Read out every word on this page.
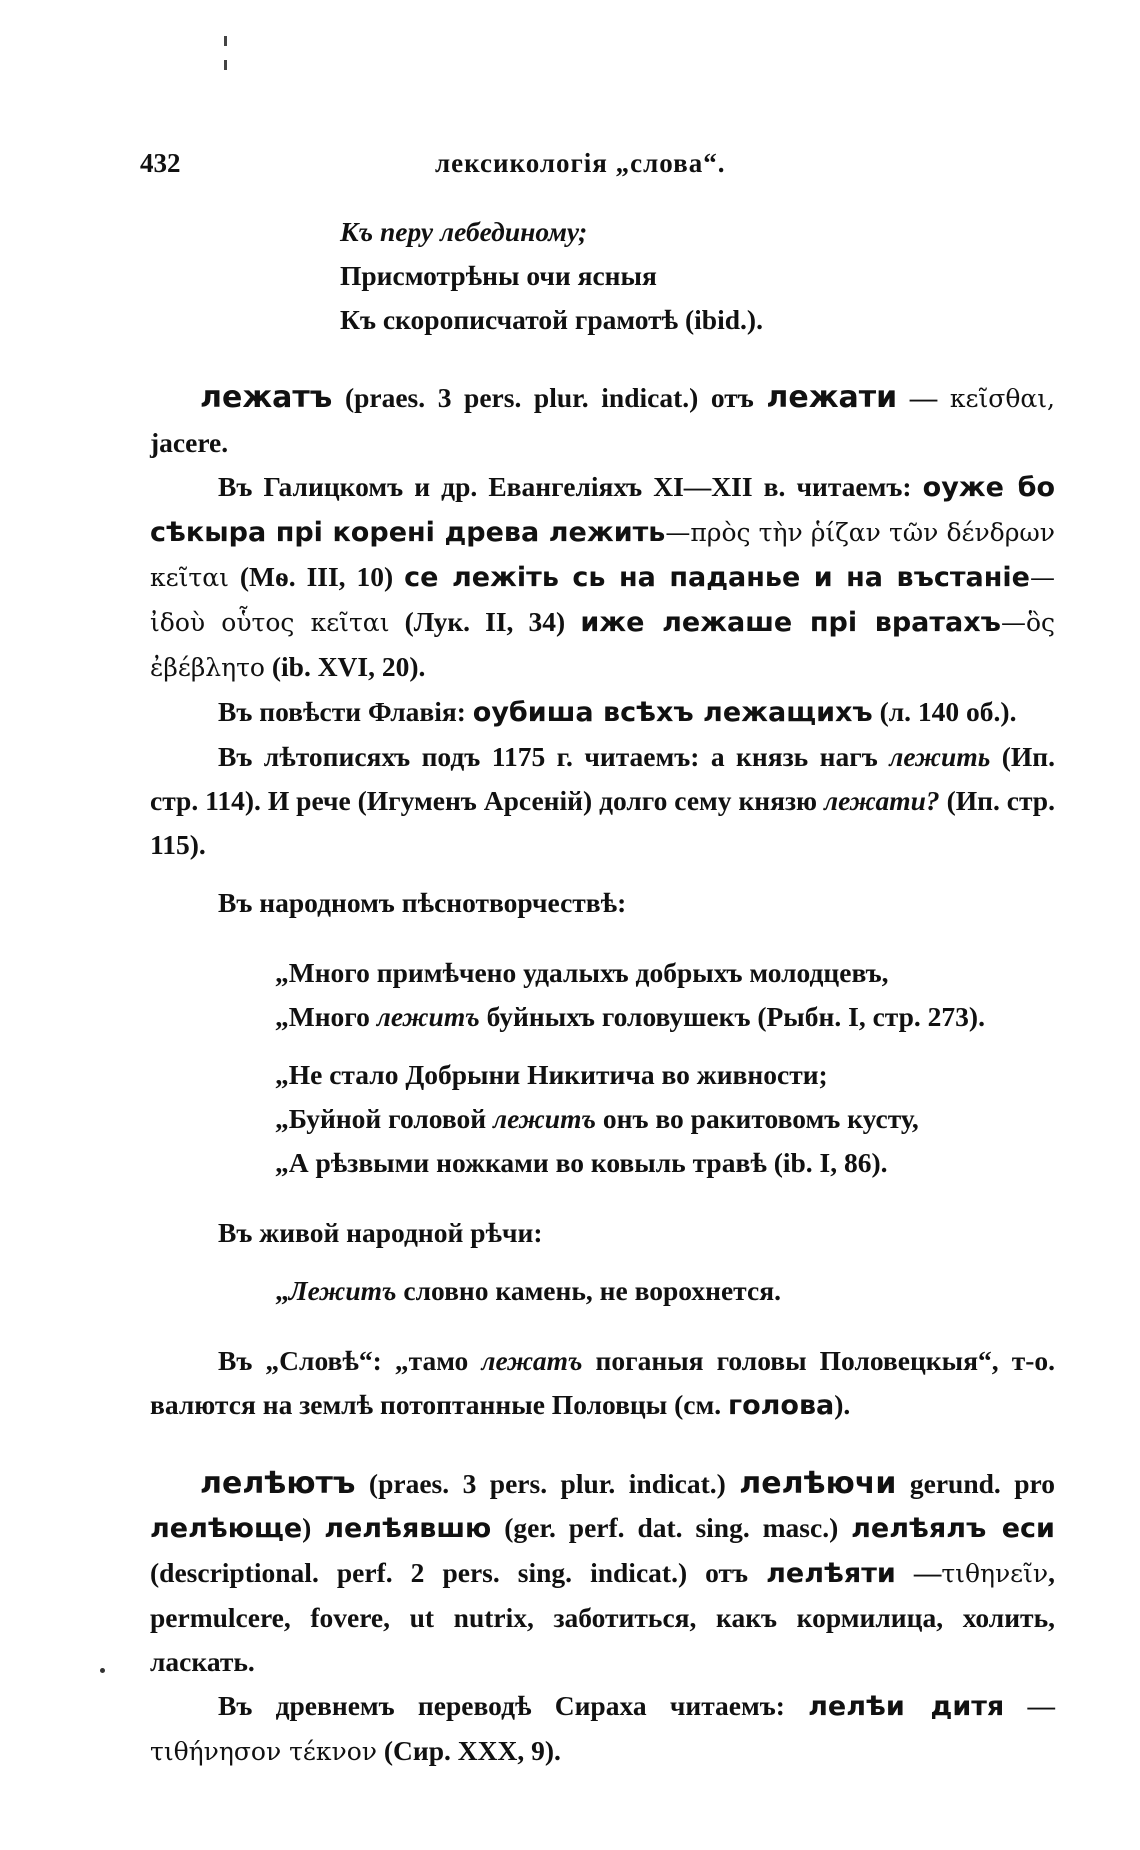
432	лексикологія „слова“.
Къ перу лебединому;
Присмотрѣны очи ясныя
Къ скорописчатой грамотѣ (ibid.).

лежатъ (praes. 3 pers. plur. indicat.) отъ лежати — κεῖσθαι, jacere.

Въ Галицкомъ и др. Евангеліяхъ XI—XII в. читаемъ: оуже бо сѣкыра прі корені древа лежить—πρὸς τὴν ῥίζαν τῶν δένδρων κεῖται (Мѳ. III, 10) се лежіть сь на паданье и на въстаніе—ἰδοὺ οὗτος κεῖται (Лук. II, 34) иже лежаше прі вратахъ—ὃς ἐβέβλητο (ib. XVI, 20).

Въ повѣсти Флавія: оубиша всѣхъ лежащихъ (л. 140 об.).

Въ лѣтописяхъ подъ 1175 г. читаемъ: а князь нагъ лежить (Ип. стр. 114). И рече (Игуменъ Арсеній) долго сему князю лежати? (Ип. стр. 115).

Въ народномъ пѣснотворчествѣ:

„Много примѣчено удалыхъ добрыхъ молодцевъ,
„Много лежитъ буйныхъ головушекъ (Рыбн. I, стр. 273).
„Не стало Добрыни Никитича во живности;
„Буйной головой лежитъ онъ во ракитовомъ кусту,
„А рѣзвыми ножками во ковыль травѣ (ib. I, 86).

Въ живой народной рѣчи:

„Лежитъ словно камень, не ворохнется.

Въ „Словѣ“: „тамо лежатъ поганыя головы Половецкыя“, т-о. валются на землѣ потоптанные Половцы (см. голова).

лелѣютъ (praes. 3 pers. plur. indicat.) лелѣючи gerund. pro лелѣюще) лелѣявшю (ger. perf. dat. sing. masc.) лелѣялъ еси (descriptional. perf. 2 pers. sing. indicat.) отъ лелѣяти —τιθηνεῖν, permulcere, fovere, ut nutrix, заботиться, какъ кормилица, холить, ласкать.

Въ древнемъ переводѣ Сираха читаемъ: лелѣи дитя —τιθήνησον τέκνον (Сир. XXX, 9).
